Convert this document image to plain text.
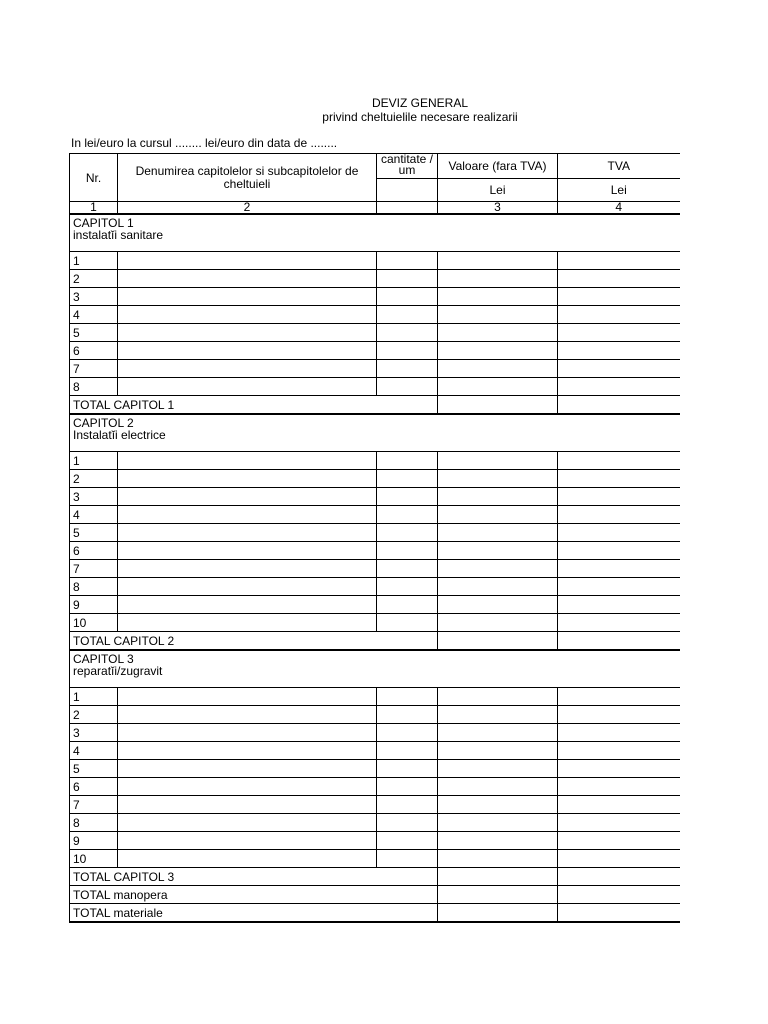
DEVIZ GENERAL
privind cheltuielile necesare realizarii
In lei/euro la cursul ........ lei/euro din data de ........
Nr.	Denumirea capitolelor si subcapitolelor de cheltuieli	cantitate / um	Valoare (fara TVA)	TVA
			Lei	Lei
1	2		3	4

CAPITOL 1
instalatĭi sanitare				

1				
2				
3				
4				
5				
6				
7				
8				
TOTAL CAPITOL 1				

CAPITOL 2
Instalatĭi electrice				

1				
2				
3				
4				
5				
6				
7				
8				
9				
10				
TOTAL CAPITOL 2				

CAPITOL 3
reparatĭi/zugravit				

1				
2				
3				
4				
5				
6				
7				
8				
9				
10				
TOTAL CAPITOL 3				
TOTAL manopera				
TOTAL materiale				
